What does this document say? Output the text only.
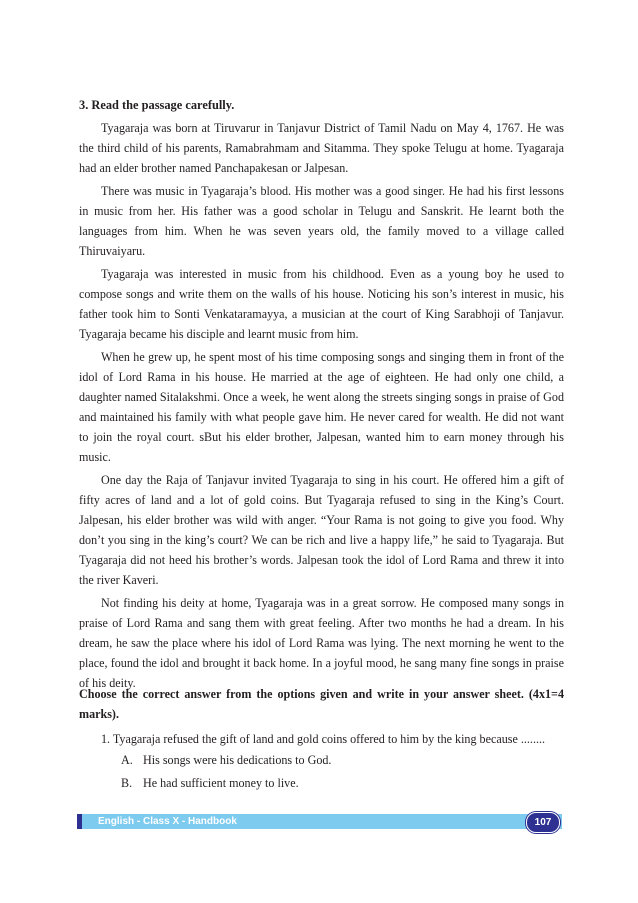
3. Read the passage carefully.

Tyagaraja was born at Tiruvarur in Tanjavur District of Tamil Nadu on May 4, 1767. He was the third child of his parents, Ramabrahmam and Sitamma. They spoke Telugu at home. Tyagaraja had an elder brother named Panchapakesan or Jalpesan.

There was music in Tyagaraja’s blood. His mother was a good singer. He had his first lessons in music from her. His father was a good scholar in Telugu and Sanskrit. He learnt both the languages from him. When he was seven years old, the family moved to a village called Thiruvaiyaru.

Tyagaraja was interested in music from his childhood. Even as a young boy he used to compose songs and write them on the walls of his house. Noticing his son’s interest in music, his father took him to Sonti Venkataramayya, a musician at the court of King Sarabhoji of Tanjavur. Tyagaraja became his disciple and learnt music from him.

When he grew up, he spent most of his time composing songs and singing them in front of the idol of Lord Rama in his house. He married at the age of eighteen. He had only one child, a daughter named Sitalakshmi. Once a week, he went along the streets singing songs in praise of God and maintained his family with what people gave him. He never cared for wealth. He did not want to join the royal court. sBut his elder brother, Jalpesan, wanted him to earn money through his music.

One day the Raja of Tanjavur invited Tyagaraja to sing in his court. He offered him a gift of fifty acres of land and a lot of gold coins. But Tyagaraja refused to sing in the King’s Court. Jalpesan, his elder brother was wild with anger. “Your Rama is not going to give you food. Why don’t you sing in the king’s court? We can be rich and live a happy life,” he said to Tyagaraja. But Tyagaraja did not heed his brother’s words. Jalpesan took the idol of Lord Rama and threw it into the river Kaveri.

Not finding his deity at home, Tyagaraja was in a great sorrow. He composed many songs in praise of Lord Rama and sang them with great feeling. After two months he had a dream. In his dream, he saw the place where his idol of Lord Rama was lying. The next morning he went to the place, found the idol and brought it back home. In a joyful mood, he sang many fine songs in praise of his deity.

Choose the correct answer from the options given and write in your answer sheet. (4x1=4 marks).
1. Tyagaraja refused the gift of land and gold coins offered to him by the king because ........
A. His songs were his dedications to God.
B. He had sufficient money to live.
English - Class X - Handbook	107
